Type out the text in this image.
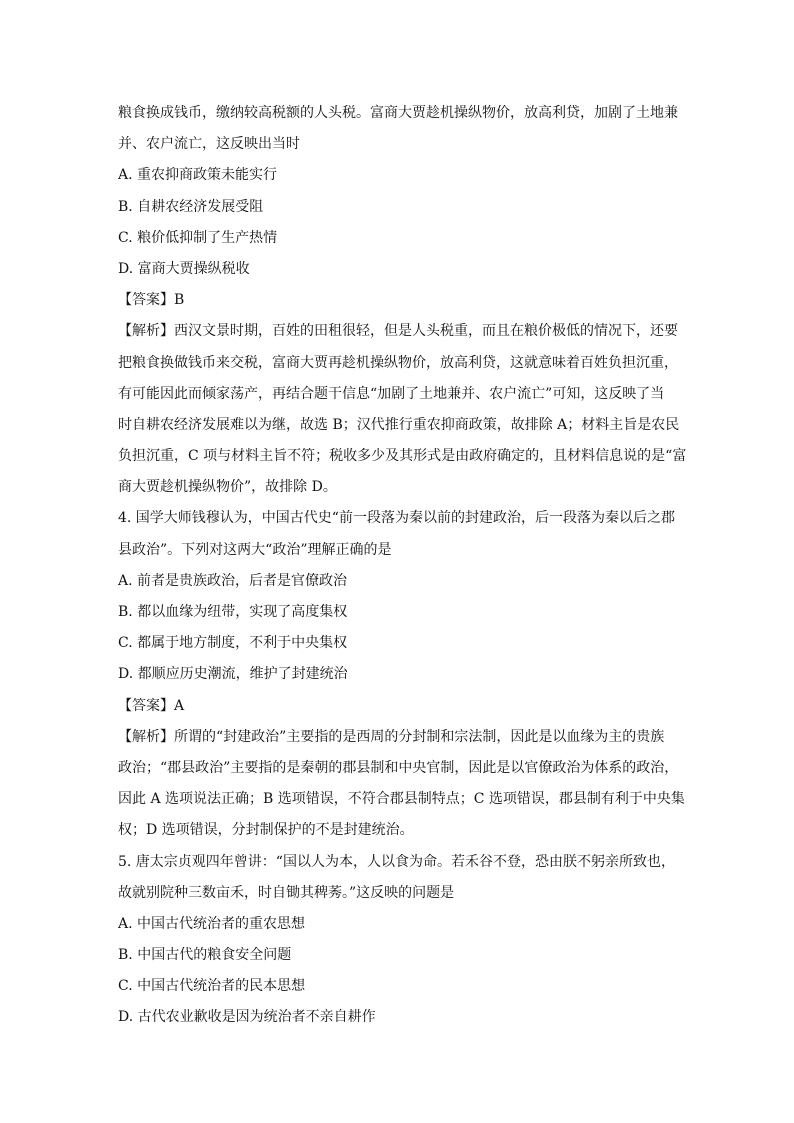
粮食换成钱币，缴纳较高税额的人头税。富商大贾趁机操纵物价，放高利贷，加剧了土地兼
并、农户流亡，这反映出当时
A. 重农抑商政策未能实行
B. 自耕农经济发展受阻
C. 粮价低抑制了生产热情
D. 富商大贾操纵税收
【答案】B
【解析】西汉文景时期，百姓的田租很轻，但是人头税重，而且在粮价极低的情况下，还要
把粮食换做钱币来交税，富商大贾再趁机操纵物价，放高利贷，这就意味着百姓负担沉重，
有可能因此而倾家荡产，再结合题干信息“加剧了土地兼并、农户流亡”可知，这反映了当
时自耕农经济发展难以为继，故选 B；汉代推行重农抑商政策，故排除 A；材料主旨是农民
负担沉重，C 项与材料主旨不符；税收多少及其形式是由政府确定的，且材料信息说的是“富
商大贾趁机操纵物价”，故排除 D。
4. 国学大师钱穆认为，中国古代史“前一段落为秦以前的封建政治，后一段落为秦以后之郡
县政治”。下列对这两大“政治”理解正确的是
A. 前者是贵族政治，后者是官僚政治
B. 都以血缘为纽带，实现了高度集权
C. 都属于地方制度，不利于中央集权
D. 都顺应历史潮流，维护了封建统治
【答案】A
【解析】所谓的“封建政治”主要指的是西周的分封制和宗法制，因此是以血缘为主的贵族
政治；“郡县政治”主要指的是秦朝的郡县制和中央官制，因此是以官僚政治为体系的政治，
因此 A 选项说法正确；B 选项错误，不符合郡县制特点；C 选项错误，郡县制有利于中央集
权；D 选项错误，分封制保护的不是封建统治。
5. 唐太宗贞观四年曾讲：“国以人为本，人以食为命。若禾谷不登，恐由朕不躬亲所致也，
故就别院种三数亩禾，时自锄其稗莠。”这反映的问题是
A. 中国古代统治者的重农思想
B. 中国古代的粮食安全问题
C. 中国古代统治者的民本思想
D. 古代农业歉收是因为统治者不亲自耕作
